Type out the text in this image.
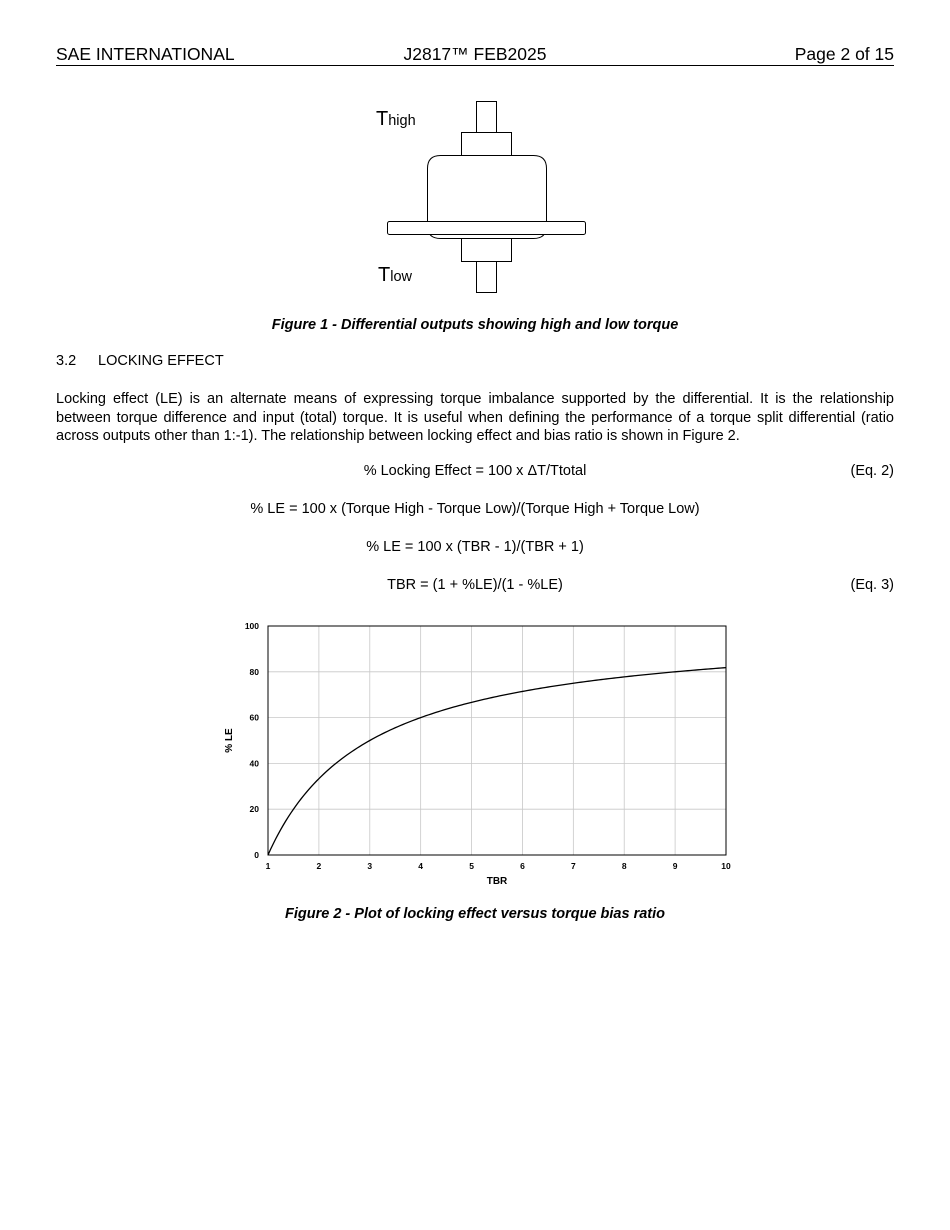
SAE INTERNATIONAL	J2817™ FEB2025	Page 2 of 15
Thigh
Tlow
Figure 1 - Differential outputs showing high and low torque
3.2 LOCKING EFFECT
Locking effect (LE) is an alternate means of expressing torque imbalance supported by the differential. It is the relationship between torque difference and input (total) torque. It is useful when defining the performance of a torque split differential (ratio across outputs other than 1:-1). The relationship between locking effect and bias ratio is shown in Figure 2.
% Locking Effect = 100 x ΔT/Ttotal	(Eq. 2)
% LE = 100 x (Torque High - Torque Low)/(Torque High + Torque Low)
% LE = 100 x (TBR - 1)/(TBR + 1)
TBR = (1 + %LE)/(1 - %LE)	(Eq. 3)
0
20
40
60
80
100
1	2	3	4	5	6	7	8	9	10
TBR
% LE
Figure 2 - Plot of locking effect versus torque bias ratio
